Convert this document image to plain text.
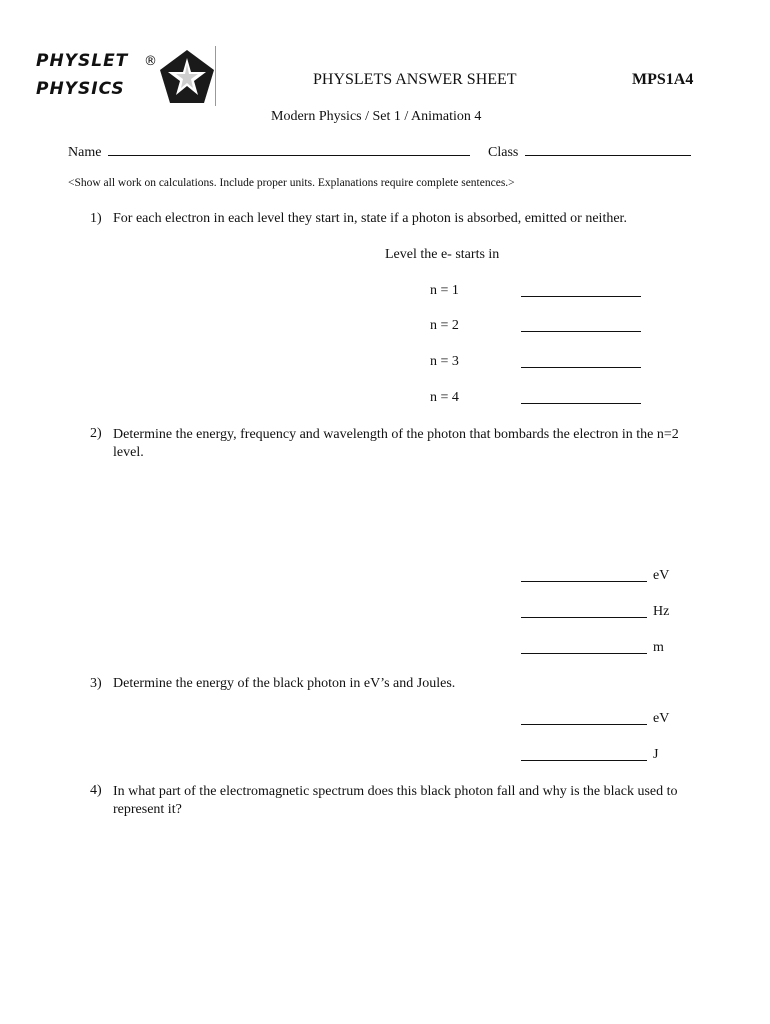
PHYSLET
PHYSICS
®
PHYSLETS ANSWER SHEET	MPS1A4
Modern Physics / Set 1 / Animation 4
Name	Class
<Show all work on calculations. Include proper units. Explanations require complete sentences.>
1) For each electron in each level they start in, state if a photon is absorbed, emitted or neither.
Level the e- starts in
n = 1
n = 2
n = 3
n = 4
2) Determine the energy, frequency and wavelength of the photon that bombards the electron in the n=2 level.
eV
Hz
m
3) Determine the energy of the black photon in eV’s and Joules.
eV
J
4) In what part of the electromagnetic spectrum does this black photon fall and why is the black used to represent it?
